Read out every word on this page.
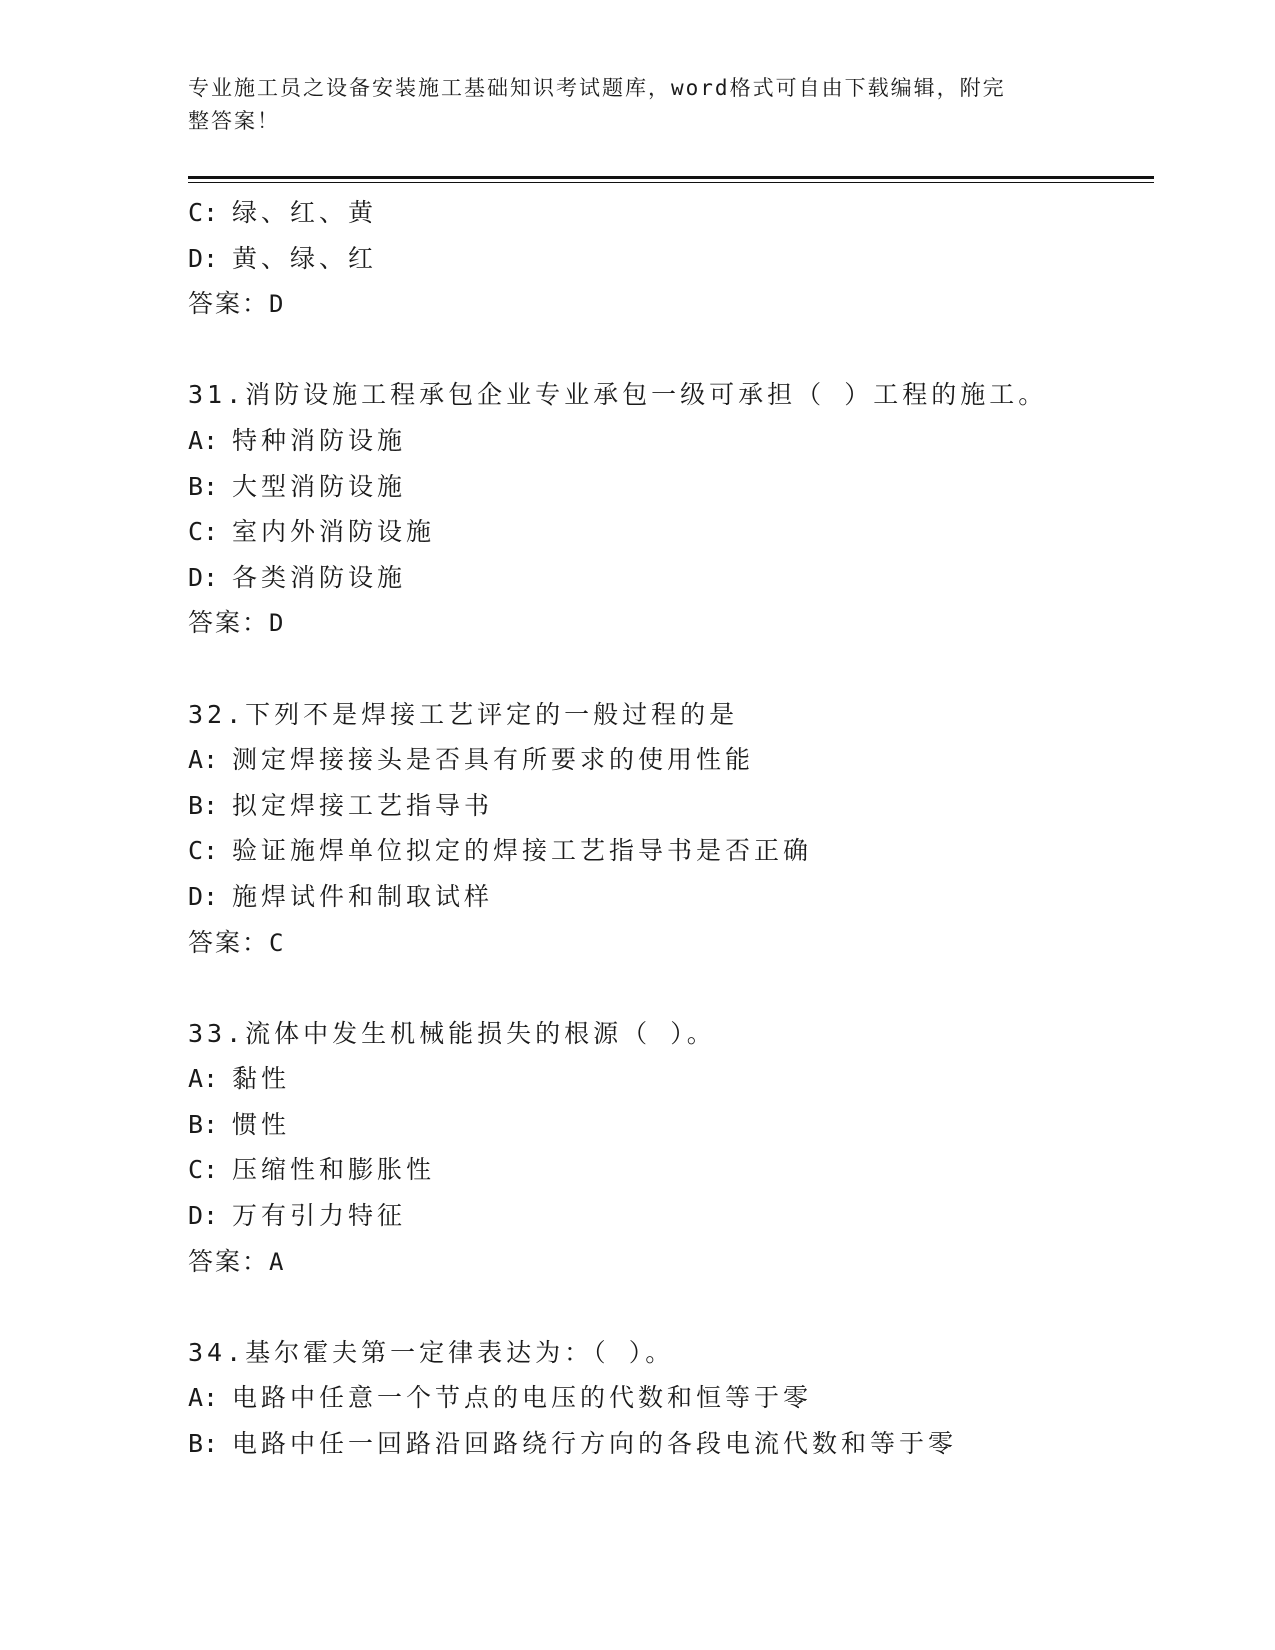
专业施工员之设备安装施工基础知识考试题库，word格式可自由下载编辑，附完
整答案！
C: 绿、红、黄
D: 黄、绿、红
答案：D
31.消防设施工程承包企业专业承包一级可承担（ ）工程的施工。
A: 特种消防设施
B: 大型消防设施
C: 室内外消防设施
D: 各类消防设施
答案：D
32.下列不是焊接工艺评定的一般过程的是
A: 测定焊接接头是否具有所要求的使用性能
B: 拟定焊接工艺指导书
C: 验证施焊单位拟定的焊接工艺指导书是否正确
D: 施焊试件和制取试样
答案：C
33.流体中发生机械能损失的根源（ ）。
A: 黏性
B: 惯性
C: 压缩性和膨胀性
D: 万有引力特征
答案：A
34.基尔霍夫第一定律表达为：（ ）。
A: 电路中任意一个节点的电压的代数和恒等于零
B: 电路中任一回路沿回路绕行方向的各段电流代数和等于零
